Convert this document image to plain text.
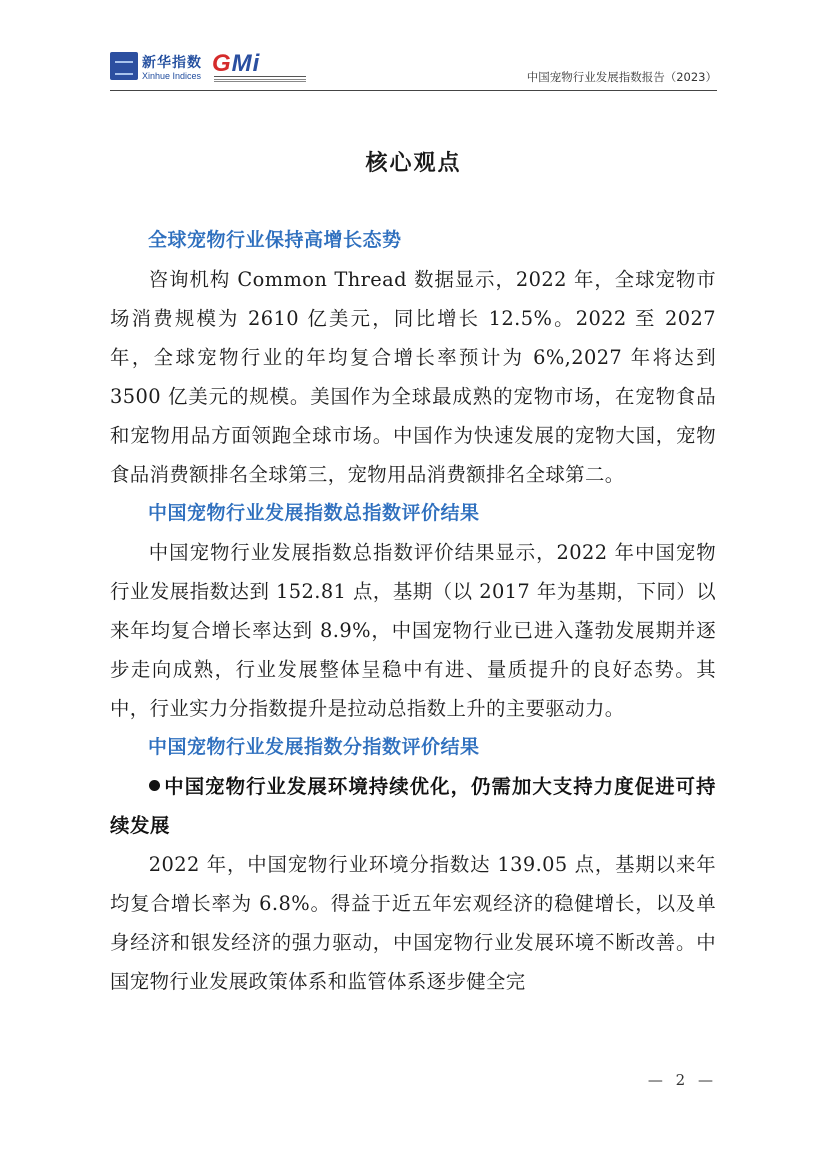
新华指数
Xinhue Indices GMi	中国宠物行业发展指数报告（2023）
核心观点
全球宠物行业保持高增长态势

咨询机构 Common Thread 数据显示，2022 年，全球宠物市场消费规模为 2610 亿美元，同比增长 12.5%。2022 至 2027 年，全球宠物行业的年均复合增长率预计为 6%,2027 年将达到 3500 亿美元的规模。美国作为全球最成熟的宠物市场，在宠物食品和宠物用品方面领跑全球市场。中国作为快速发展的宠物大国，宠物食品消费额排名全球第三，宠物用品消费额排名全球第二。

中国宠物行业发展指数总指数评价结果

中国宠物行业发展指数总指数评价结果显示，2022 年中国宠物行业发展指数达到 152.81 点，基期（以 2017 年为基期，下同）以来年均复合增长率达到 8.9%，中国宠物行业已进入蓬勃发展期并逐步走向成熟，行业发展整体呈稳中有进、量质提升的良好态势。其中，行业实力分指数提升是拉动总指数上升的主要驱动力。

中国宠物行业发展指数分指数评价结果
中国宠物行业发展环境持续优化，仍需加大支持力度促进可持续发展

2022 年，中国宠物行业环境分指数达 139.05 点，基期以来年均复合增长率为 6.8%。得益于近五年宏观经济的稳健增长，以及单身经济和银发经济的强力驱动，中国宠物行业发展环境不断改善。中国宠物行业发展政策体系和监管体系逐步健全完

— 2 —
